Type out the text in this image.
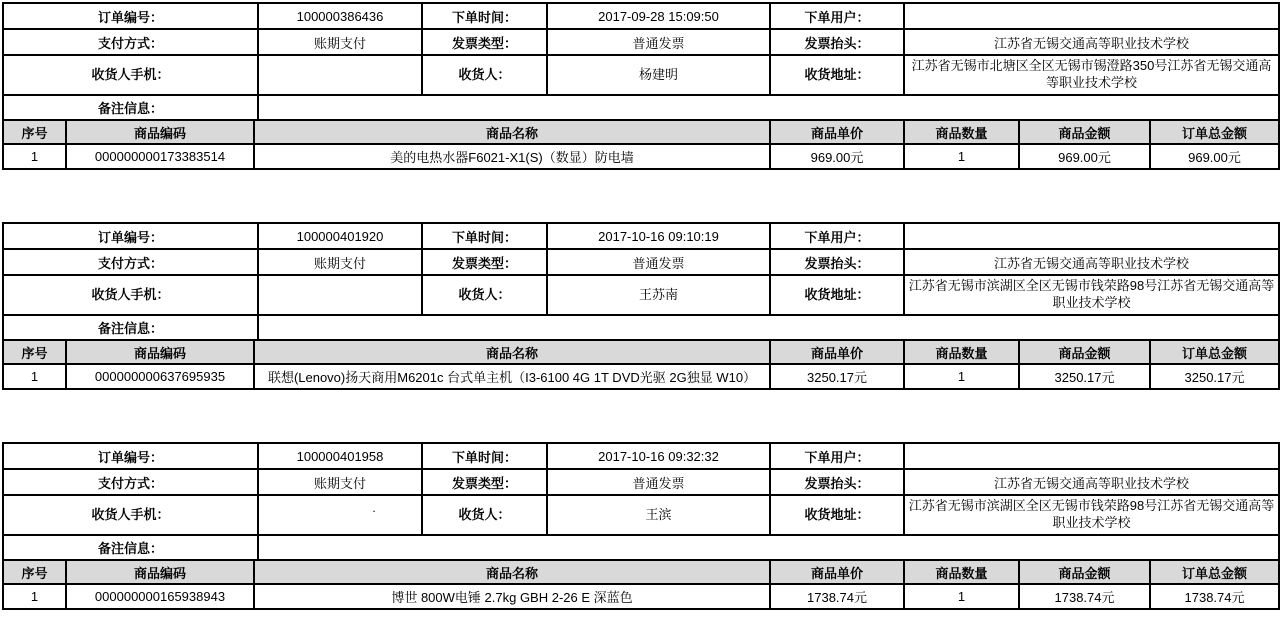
订单编号：	100000386436	下单时间：	2017-09-28 15:09:50	下单用户：	
支付方式：	账期支付	发票类型：	普通发票	发票抬头：	江苏省无锡交通高等职业技术学校
收货人手机：		收货人：	杨建明	收货地址：	江苏省无锡市北塘区全区无锡市锡澄路350号江苏省无锡交通高等职业技术学校
备注信息：					
序号	商品编码	商品名称	商品单价	商品数量	商品金额	订单总金额
1	000000000173383514	美的电热水器F6021-X1(S)（数显）防电墙	969.00元	1	969.00元	969.00元
订单编号：	100000401920	下单时间：	2017-10-16 09:10:19	下单用户：	
支付方式：	账期支付	发票类型：	普通发票	发票抬头：	江苏省无锡交通高等职业技术学校
收货人手机：		收货人：	王苏南	收货地址：	江苏省无锡市滨湖区全区无锡市钱荣路98号江苏省无锡交通高等职业技术学校
备注信息：					
序号	商品编码	商品名称	商品单价	商品数量	商品金额	订单总金额
1	000000000637695935	联想(Lenovo)扬天商用M6201c 台式单主机（I3-6100 4G 1T DVD光驱 2G独显 W10）	3250.17元	1	3250.17元	3250.17元
订单编号：	100000401958	下单时间：	2017-10-16 09:32:32	下单用户：	
支付方式：	账期支付	发票类型：	普通发票	发票抬头：	江苏省无锡交通高等职业技术学校
收货人手机：	.	收货人：	王滨	收货地址：	江苏省无锡市滨湖区全区无锡市钱荣路98号江苏省无锡交通高等职业技术学校
备注信息：					
序号	商品编码	商品名称	商品单价	商品数量	商品金额	订单总金额
1	000000000165938943	博世 800W电锤 2.7kg GBH 2-26 E 深蓝色	1738.74元	1	1738.74元	1738.74元
